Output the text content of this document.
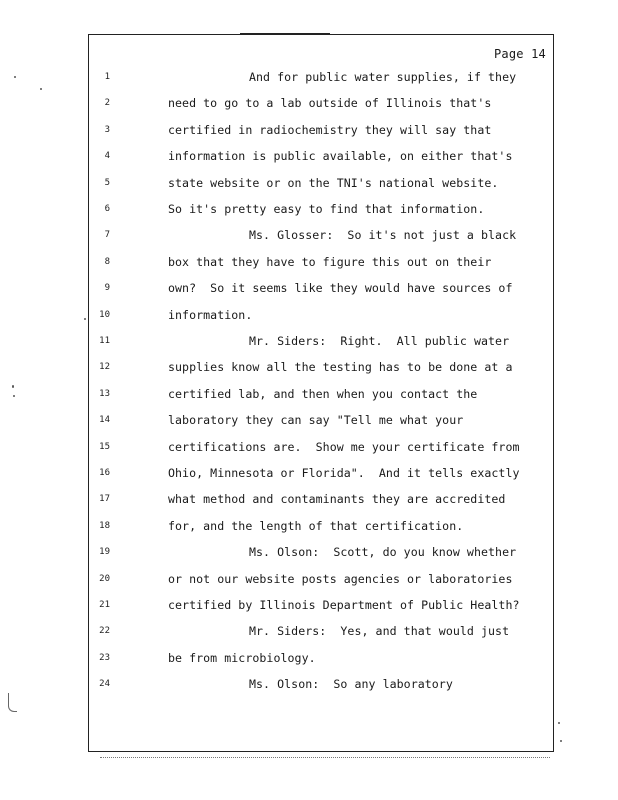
Page 14
1	And for public water supplies, if they
2	need to go to a lab outside of Illinois that's
3	certified in radiochemistry they will say that
4	information is public available, on either that's
5	state website or on the TNI's national website.
6	So it's pretty easy to find that information.
7	Ms. Glosser:  So it's not just a black
8	box that they have to figure this out on their
9	own?  So it seems like they would have sources of
10	information.
11	Mr. Siders:  Right.  All public water
12	supplies know all the testing has to be done at a
13	certified lab, and then when you contact the
14	laboratory they can say "Tell me what your
15	certifications are.  Show me your certificate from
16	Ohio, Minnesota or Florida".  And it tells exactly
17	what method and contaminants they are accredited
18	for, and the length of that certification.
19	Ms. Olson:  Scott, do you know whether
20	or not our website posts agencies or laboratories
21	certified by Illinois Department of Public Health?
22	Mr. Siders:  Yes, and that would just
23	be from microbiology.
24	Ms. Olson:  So any laboratory
